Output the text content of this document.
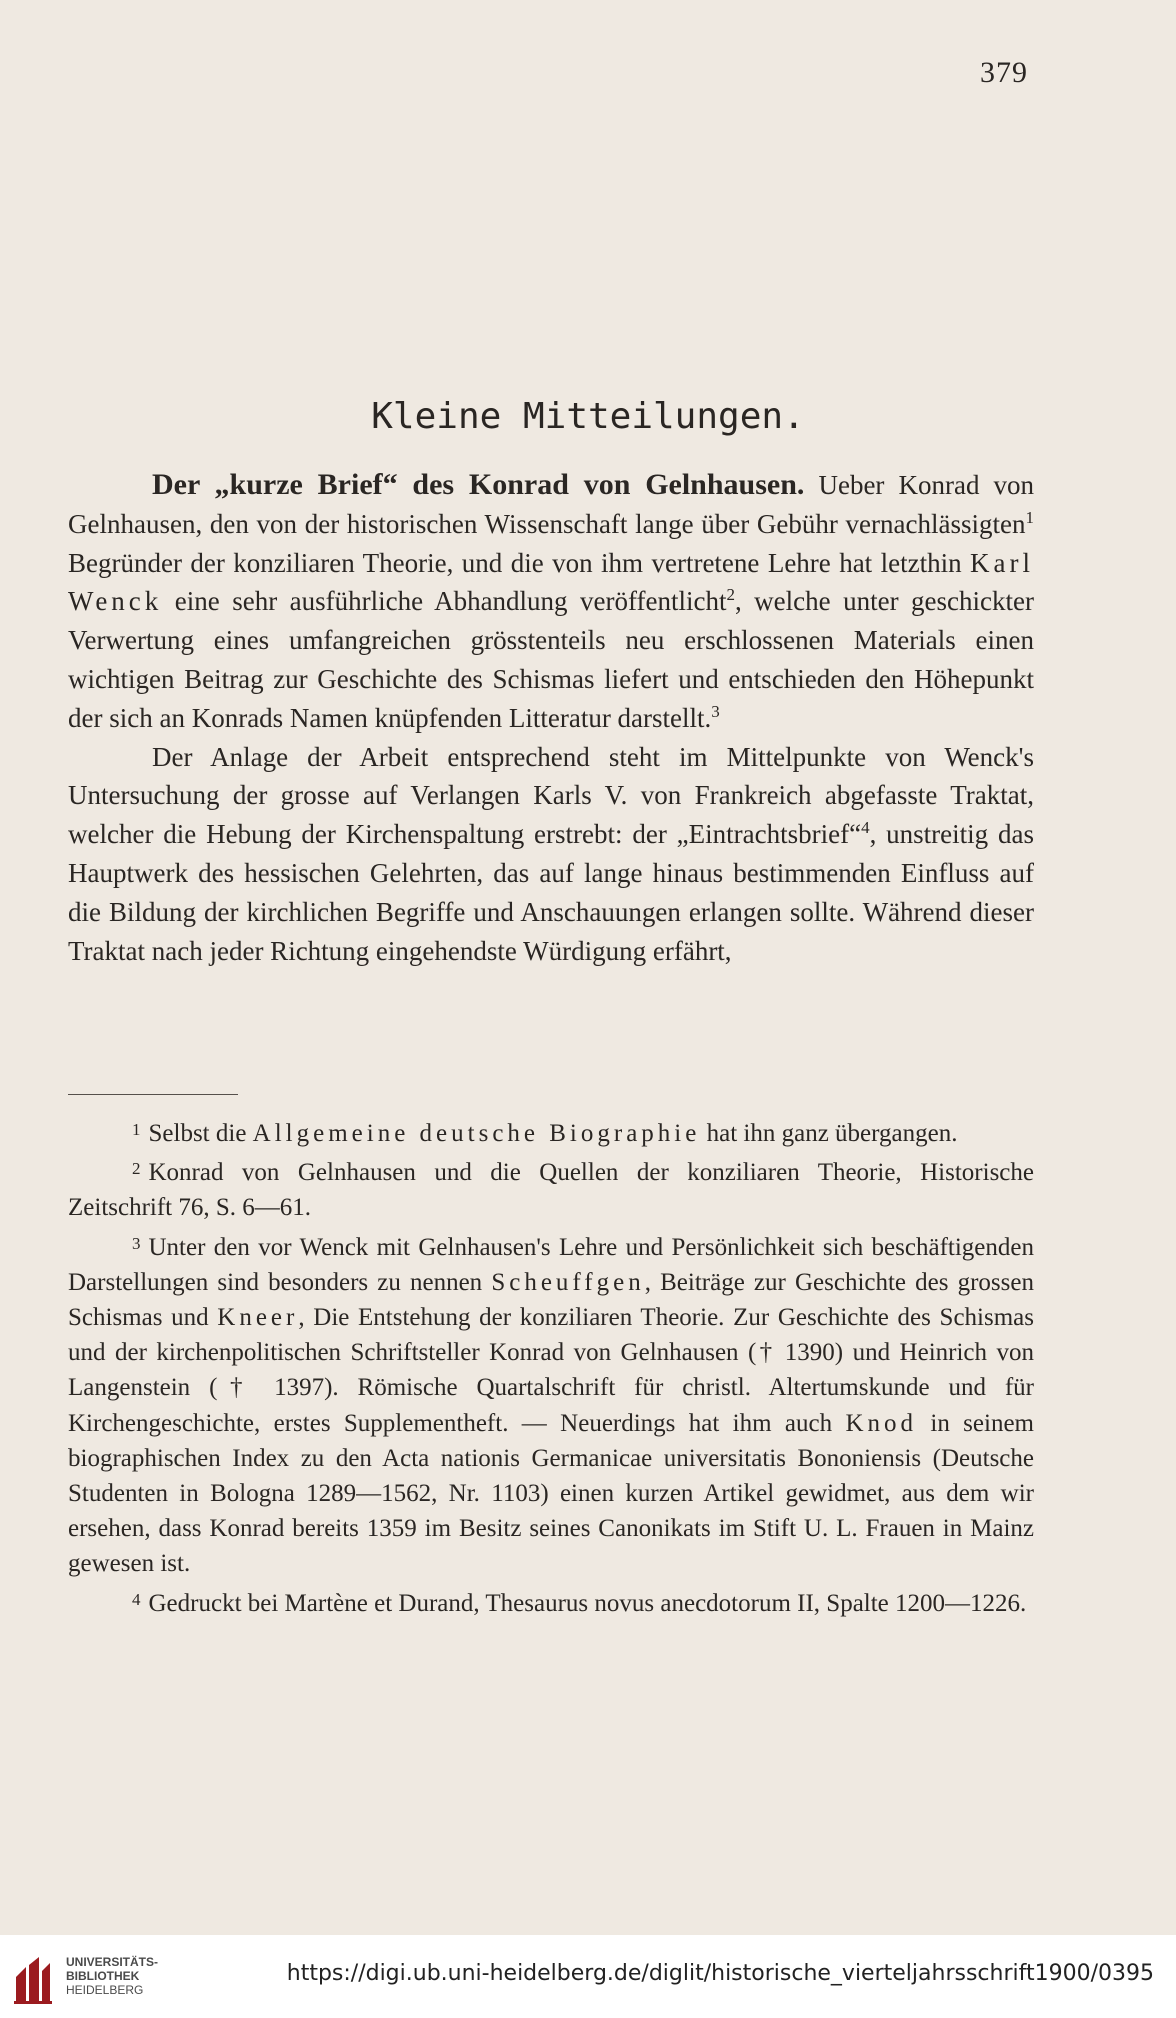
379
Kleine Mitteilungen.

Der „kurze Brief“ des Konrad von Gelnhausen. Ueber Konrad von Gelnhausen, den von der historischen Wissenschaft lange über Gebühr vernachlässigten$^1$ Begründer der konziliaren Theorie, und die von ihm vertretene Lehre hat letzthin Karl Wenck eine sehr ausführliche Abhandlung veröffentlicht$^2$, welche unter geschickter Verwertung eines umfangreichen grösstenteils neu erschlossenen Materials einen wichtigen Beitrag zur Geschichte des Schismas liefert und entschieden den Höhepunkt der sich an Konrads Namen knüpfenden Litteratur darstellt.$^3$

Der Anlage der Arbeit entsprechend steht im Mittelpunkte von Wenck's Untersuchung der grosse auf Verlangen Karls V. von Frankreich abgefasste Traktat, welcher die Hebung der Kirchenspaltung erstrebt: der „Eintrachtsbrief“$^4$, unstreitig das Hauptwerk des hessischen Gelehrten, das auf lange hinaus bestimmenden Einfluss auf die Bildung der kirchlichen Begriffe und Anschauungen erlangen sollte. Während dieser Traktat nach jeder Richtung eingehendste Würdigung erfährt,

$^1$ Selbst die Allgemeine deutsche Biographie hat ihn ganz übergangen.

$^2$ Konrad von Gelnhausen und die Quellen der konziliaren Theorie, Historische Zeitschrift 76, S. 6—61.

$^3$ Unter den vor Wenck mit Gelnhausen's Lehre und Persönlichkeit sich beschäftigenden Darstellungen sind besonders zu nennen Scheuffgen, Beiträge zur Geschichte des grossen Schismas und Kneer, Die Entstehung der konziliaren Theorie. Zur Geschichte des Schismas und der kirchenpolitischen Schriftsteller Konrad von Gelnhausen († 1390) und Heinrich von Langenstein († 1397). Römische Quartalschrift für christl. Altertumskunde und für Kirchengeschichte, erstes Supplementheft. — Neuerdings hat ihm auch Knod in seinem biographischen Index zu den Acta nationis Germanicae universitatis Bononiensis (Deutsche Studenten in Bologna 1289—1562, Nr. 1103) einen kurzen Artikel gewidmet, aus dem wir ersehen, dass Konrad bereits 1359 im Besitz seines Canonikats im Stift U. L. Frauen in Mainz gewesen ist.

$^4$ Gedruckt bei Martène et Durand, Thesaurus novus anecdotorum II, Spalte 1200—1226.

UNIVERSITÄTS-
BIBLIOTHEK
HEIDELBERG
https://digi.ub.uni-heidelberg.de/diglit/historische_vierteljahrsschrift1900/0395
